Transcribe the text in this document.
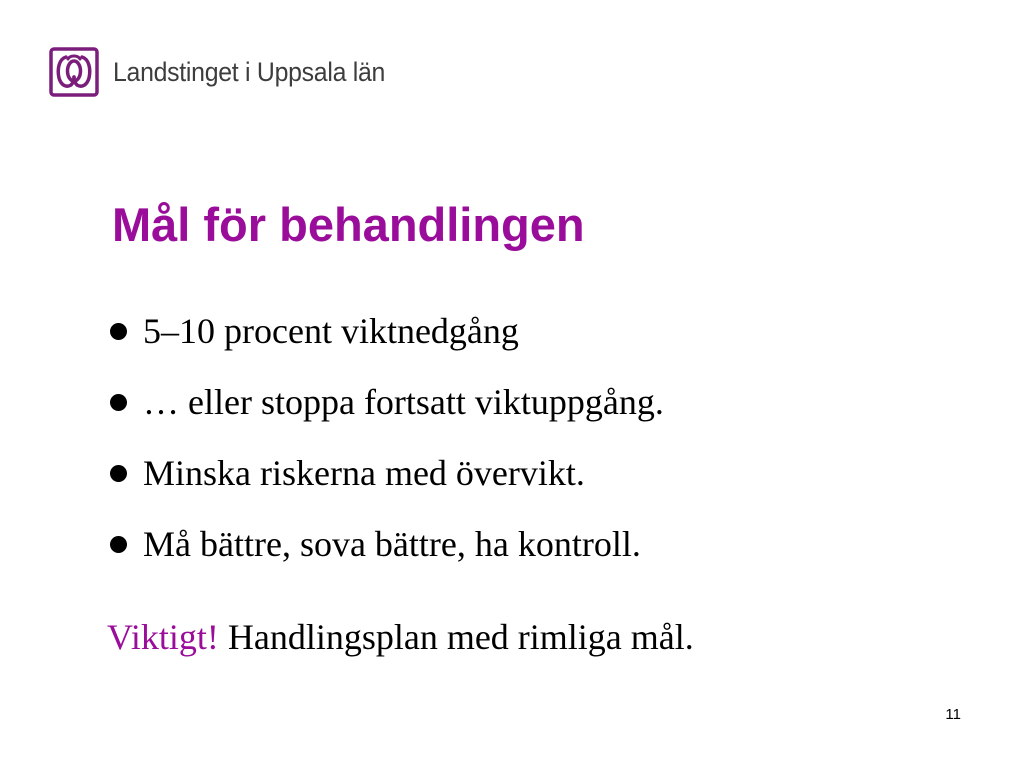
Landstinget i Uppsala län
Mål för behandlingen
5–10 procent viktnedgång
… eller stoppa fortsatt viktuppgång.
Minska riskerna med övervikt.
Må bättre, sova bättre, ha kontroll.
Viktigt! Handlingsplan med rimliga mål.
11
